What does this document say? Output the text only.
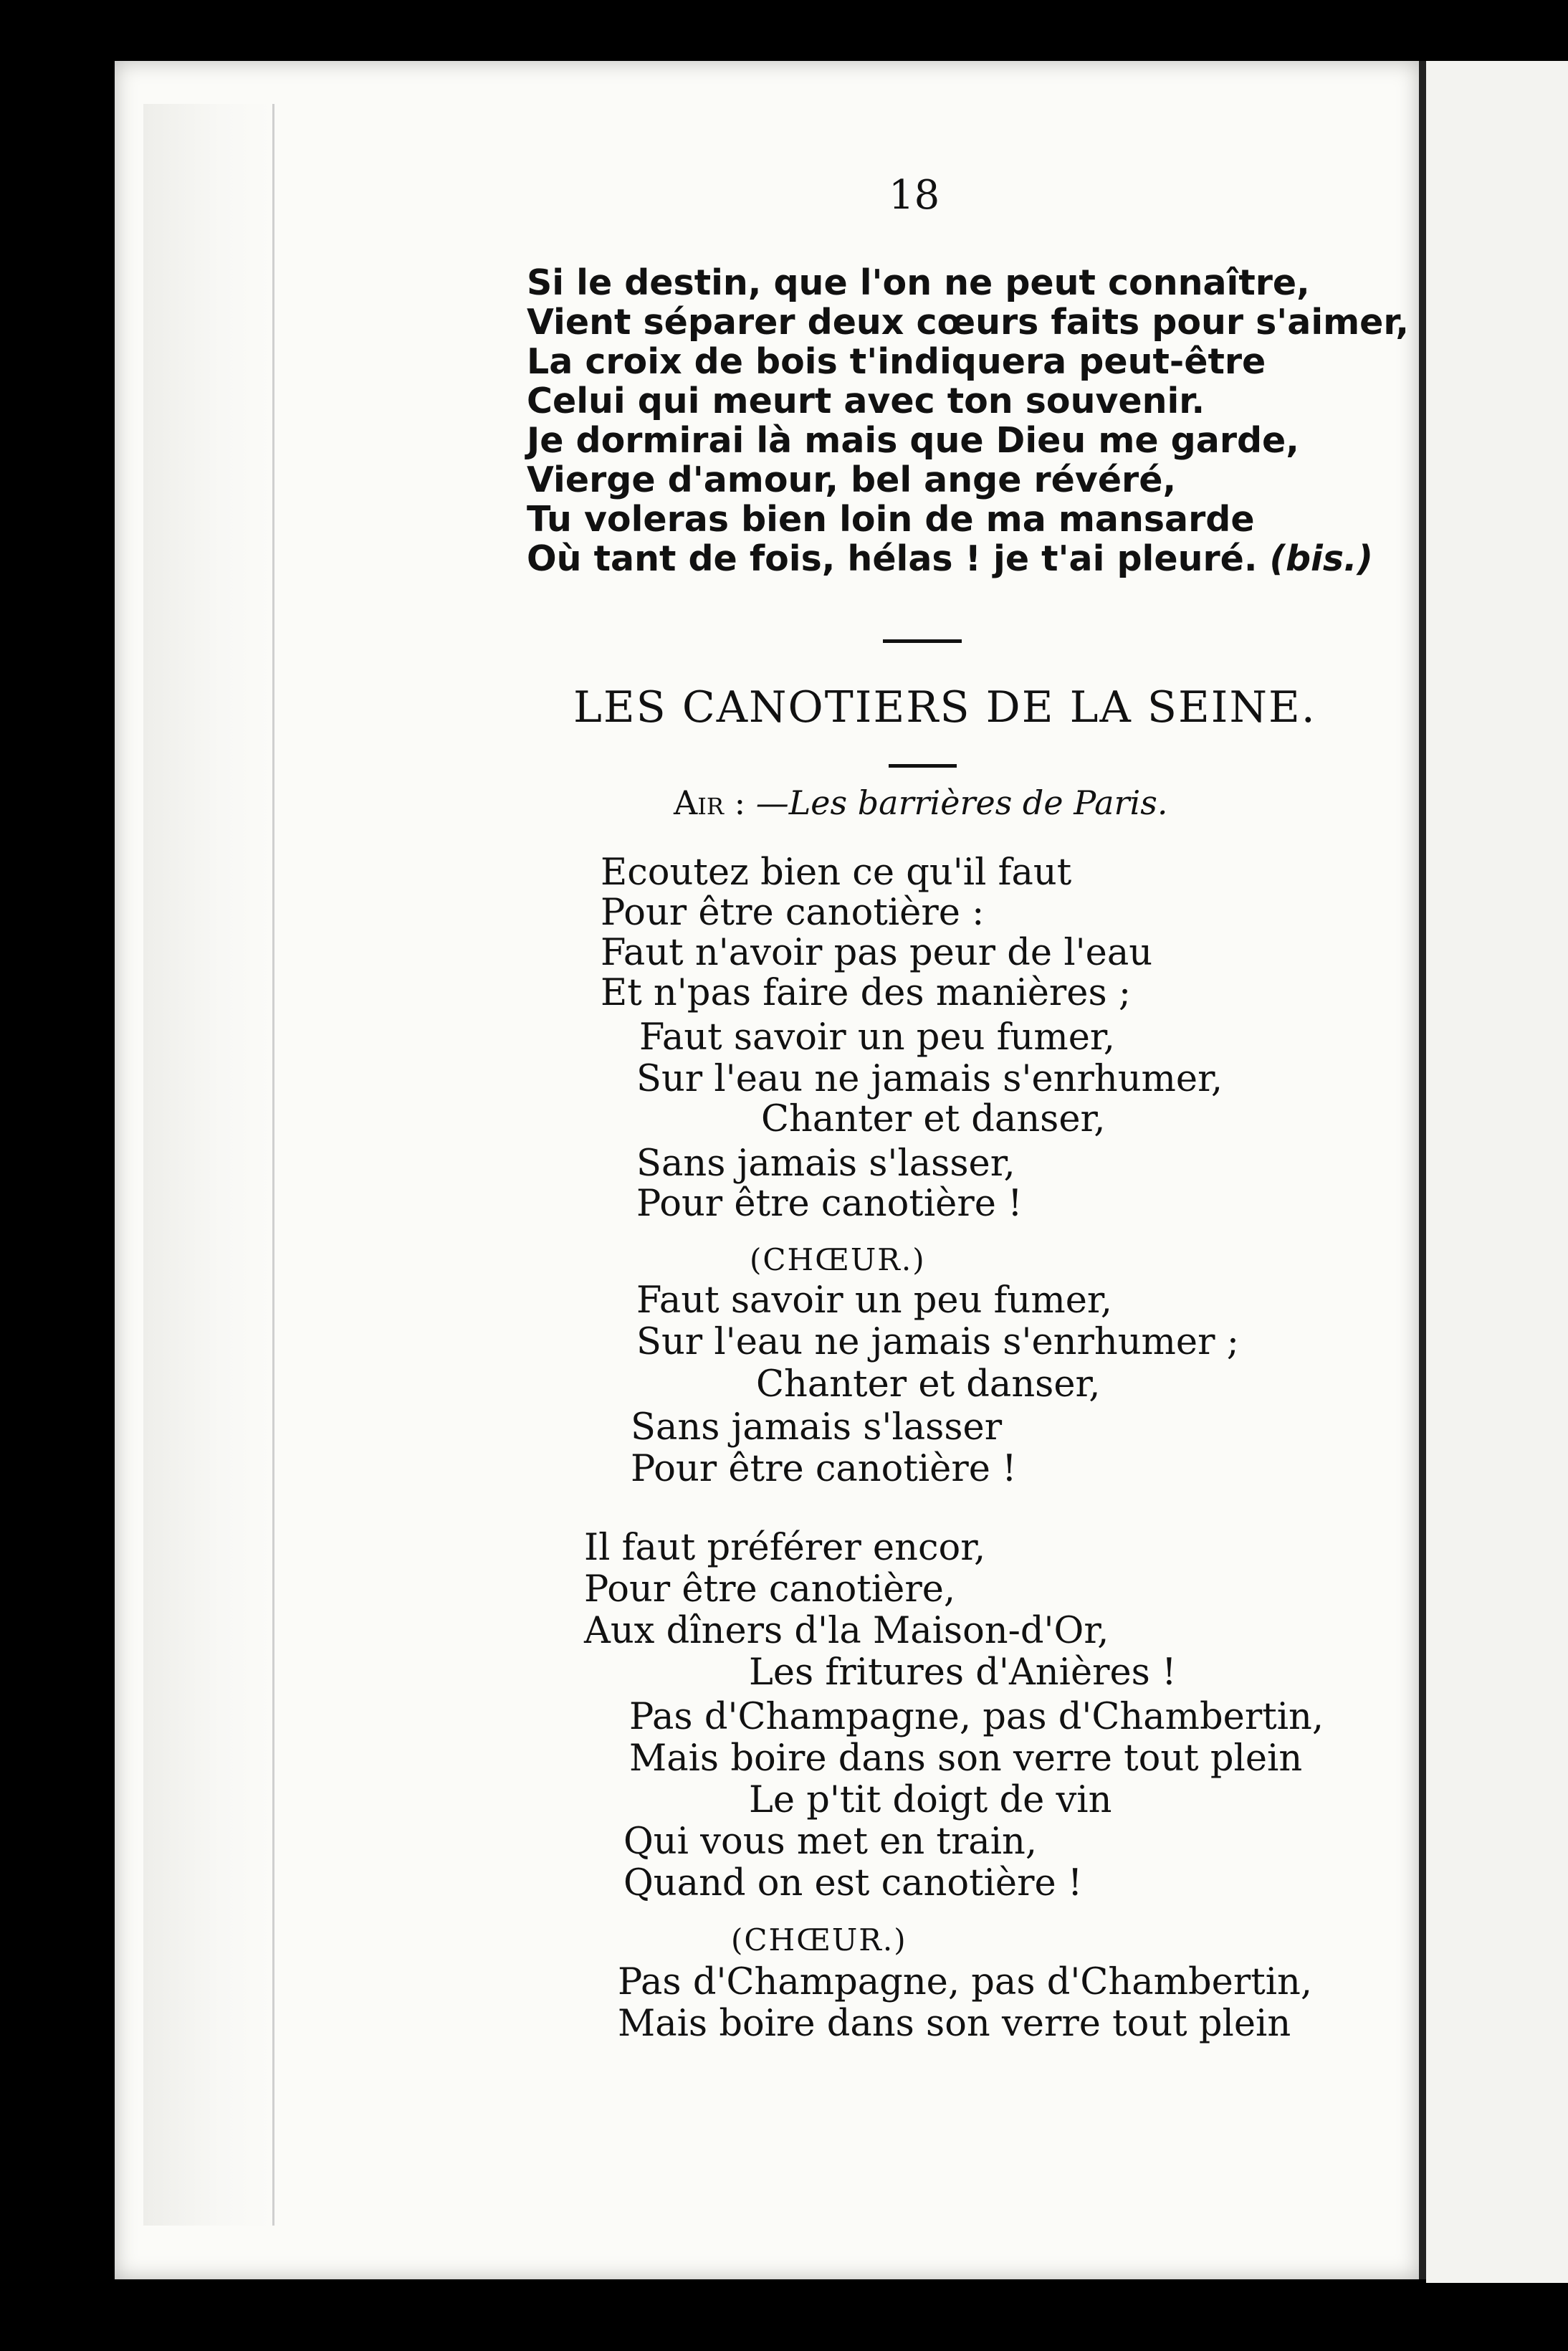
18
Si le destin, que l'on ne peut connaître,
Vient séparer deux cœurs faits pour s'aimer,
La croix de bois t'indiquera peut-être
Celui qui meurt avec ton souvenir.
Je dormirai là mais que Dieu me garde,
Vierge d'amour, bel ange révéré,
Tu voleras bien loin de ma mansarde
Où tant de fois, hélas ! je t'ai pleuré. (bis.)
LES CANOTIERS DE LA SEINE.
Air : —Les barrières de Paris.
Ecoutez bien ce qu'il faut
Pour être canotière :
Faut n'avoir pas peur de l'eau
Et n'pas faire des manières ;
Faut savoir un peu fumer,
Sur l'eau ne jamais s'enrhumer,
Chanter et danser,
Sans jamais s'lasser,
Pour être canotière !
(CHŒUR.)
Faut savoir un peu fumer,
Sur l'eau ne jamais s'enrhumer ;
Chanter et danser,
Sans jamais s'lasser
Pour être canotière !
Il faut préférer encor,
Pour être canotière,
Aux dîners d'la Maison-d'Or,
Les fritures d'Anières !
Pas d'Champagne, pas d'Chambertin,
Mais boire dans son verre tout plein
Le p'tit doigt de vin
Qui vous met en train,
Quand on est canotière !
(CHŒUR.)
Pas d'Champagne, pas d'Chambertin,
Mais boire dans son verre tout plein
